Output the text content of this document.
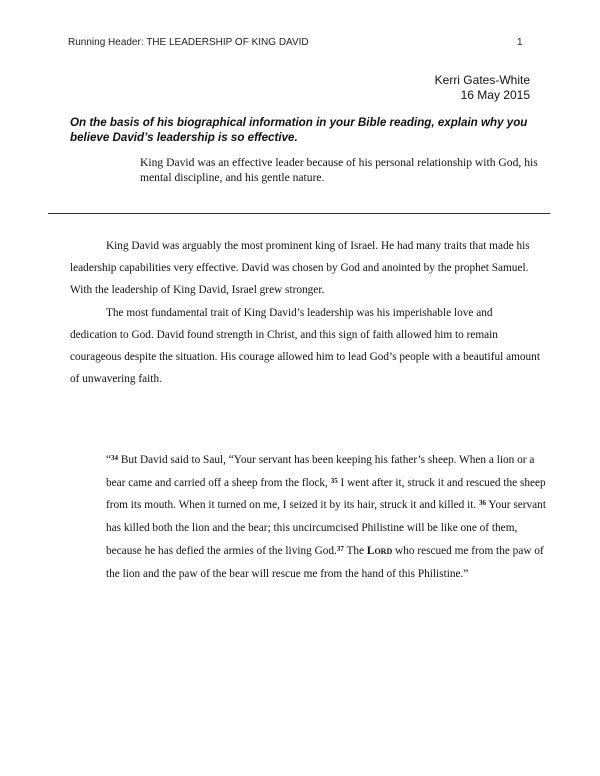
Running Header: THE LEADERSHIP OF KING DAVID	1
Kerri Gates-White
16 May 2015
On the basis of his biographical information in your Bible reading, explain why you believe David’s leadership is so effective.
King David was an effective leader because of his personal relationship with God, his mental discipline, and his gentle nature.

King David was arguably the most prominent king of Israel. He had many traits that made his leadership capabilities very effective. David was chosen by God and anointed by the prophet Samuel. With the leadership of King David, Israel grew stronger.

The most fundamental trait of King David’s leadership was his imperishable love and dedication to God. David found strength in Christ, and this sign of faith allowed him to remain courageous despite the situation. His courage allowed him to lead God’s people with a beautiful amount of unwavering faith.

“$^{34}$ But David said to Saul, “Your servant has been keeping his father’s sheep. When a lion or a bear came and carried off a sheep from the flock, $^{35}$ I went after it, struck it and rescued the sheep from its mouth. When it turned on me, I seized it by its hair, struck it and killed it. $^{36}$ Your servant has killed both the lion and the bear; this uncircumcised Philistine will be like one of them, because he has defied the armies of the living God.$^{37}$ The Lord who rescued me from the paw of the lion and the paw of the bear will rescue me from the hand of this Philistine.”
